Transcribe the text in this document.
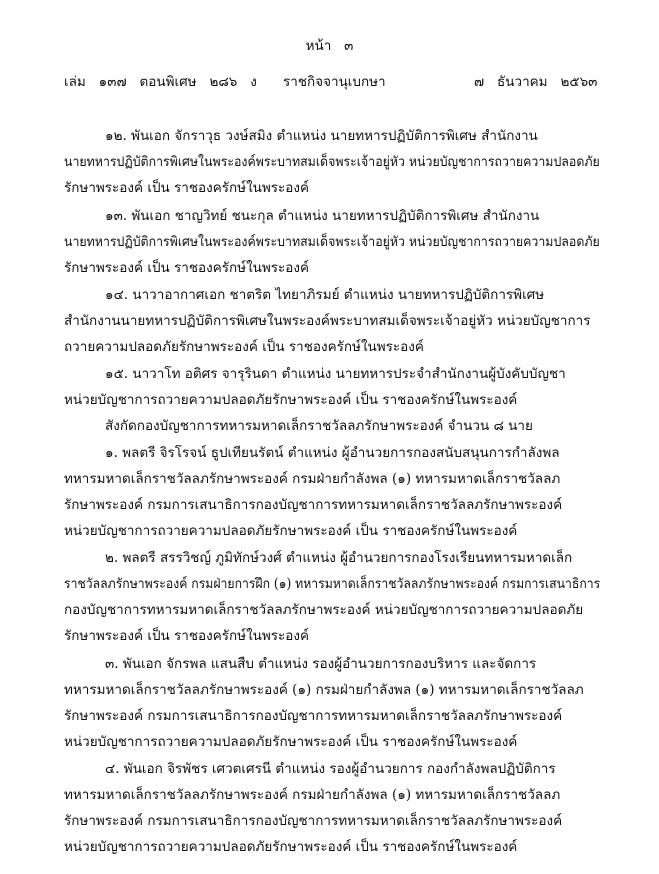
หน้า   ๓
เล่ม   ๑๓๗   ตอนพิเศษ   ๒๘๖   ง ราชกิจจานุเบกษา	๗   ธันวาคม   ๒๕๖๓
๑๒. พันเอก จักราวุธ วงษ์สมิง ตำแหน่ง นายทหารปฏิบัติการพิเศษ สำนักงาน
นายทหารปฏิบัติการพิเศษในพระองค์พระบาทสมเด็จพระเจ้าอยู่หัว หน่วยบัญชาการถวายความปลอดภัย
รักษาพระองค์ เป็น ราชองครักษ์ในพระองค์
๑๓. พันเอก ชาญวิทย์ ชนะกุล ตำแหน่ง นายทหารปฏิบัติการพิเศษ สำนักงาน
นายทหารปฏิบัติการพิเศษในพระองค์พระบาทสมเด็จพระเจ้าอยู่หัว หน่วยบัญชาการถวายความปลอดภัย
รักษาพระองค์ เป็น ราชองครักษ์ในพระองค์
๑๔. นาวาอากาศเอก ชาตริต ไทยาภิรมย์ ตำแหน่ง นายทหารปฏิบัติการพิเศษ
สำนักงานนายทหารปฏิบัติการพิเศษในพระองค์พระบาทสมเด็จพระเจ้าอยู่หัว หน่วยบัญชาการ
ถวายความปลอดภัยรักษาพระองค์ เป็น ราชองครักษ์ในพระองค์
๑๕. นาวาโท อติศร จารุรินดา ตำแหน่ง นายทหารประจำสำนักงานผู้บังคับบัญชา
หน่วยบัญชาการถวายความปลอดภัยรักษาพระองค์ เป็น ราชองครักษ์ในพระองค์
สังกัดกองบัญชาการทหารมหาดเล็กราชวัลลภรักษาพระองค์ จำนวน ๘ นาย
๑. พลตรี จิรโรจน์ ธูปเทียนรัตน์ ตำแหน่ง ผู้อำนวยการกองสนับสนุนการกำลังพล
ทหารมหาดเล็กราชวัลลภรักษาพระองค์ กรมฝ่ายกำลังพล (๑) ทหารมหาดเล็กราชวัลลภ
รักษาพระองค์ กรมการเสนาธิการกองบัญชาการทหารมหาดเล็กราชวัลลภรักษาพระองค์
หน่วยบัญชาการถวายความปลอดภัยรักษาพระองค์ เป็น ราชองครักษ์ในพระองค์
๒. พลตรี สรรวิชญ์ ภูมิทักษ์วงศ์ ตำแหน่ง ผู้อำนวยการกองโรงเรียนทหารมหาดเล็ก
ราชวัลลภรักษาพระองค์ กรมฝ่ายการฝึก (๑) ทหารมหาดเล็กราชวัลลภรักษาพระองค์ กรมการเสนาธิการ
กองบัญชาการทหารมหาดเล็กราชวัลลภรักษาพระองค์ หน่วยบัญชาการถวายความปลอดภัย
รักษาพระองค์ เป็น ราชองครักษ์ในพระองค์
๓. พันเอก จักรพล แสนสืบ ตำแหน่ง รองผู้อำนวยการกองบริหาร และจัดการ
ทหารมหาดเล็กราชวัลลภรักษาพระองค์ (๑) กรมฝ่ายกำลังพล (๑) ทหารมหาดเล็กราชวัลลภ
รักษาพระองค์ กรมการเสนาธิการกองบัญชาการทหารมหาดเล็กราชวัลลภรักษาพระองค์
หน่วยบัญชาการถวายความปลอดภัยรักษาพระองค์ เป็น ราชองครักษ์ในพระองค์
๔. พันเอก จิรพัชร เศวตเศรนี ตำแหน่ง รองผู้อำนวยการ กองกำลังพลปฏิบัติการ
ทหารมหาดเล็กราชวัลลภรักษาพระองค์ กรมฝ่ายกำลังพล (๑) ทหารมหาดเล็กราชวัลลภ
รักษาพระองค์ กรมการเสนาธิการกองบัญชาการทหารมหาดเล็กราชวัลลภรักษาพระองค์
หน่วยบัญชาการถวายความปลอดภัยรักษาพระองค์ เป็น ราชองครักษ์ในพระองค์
